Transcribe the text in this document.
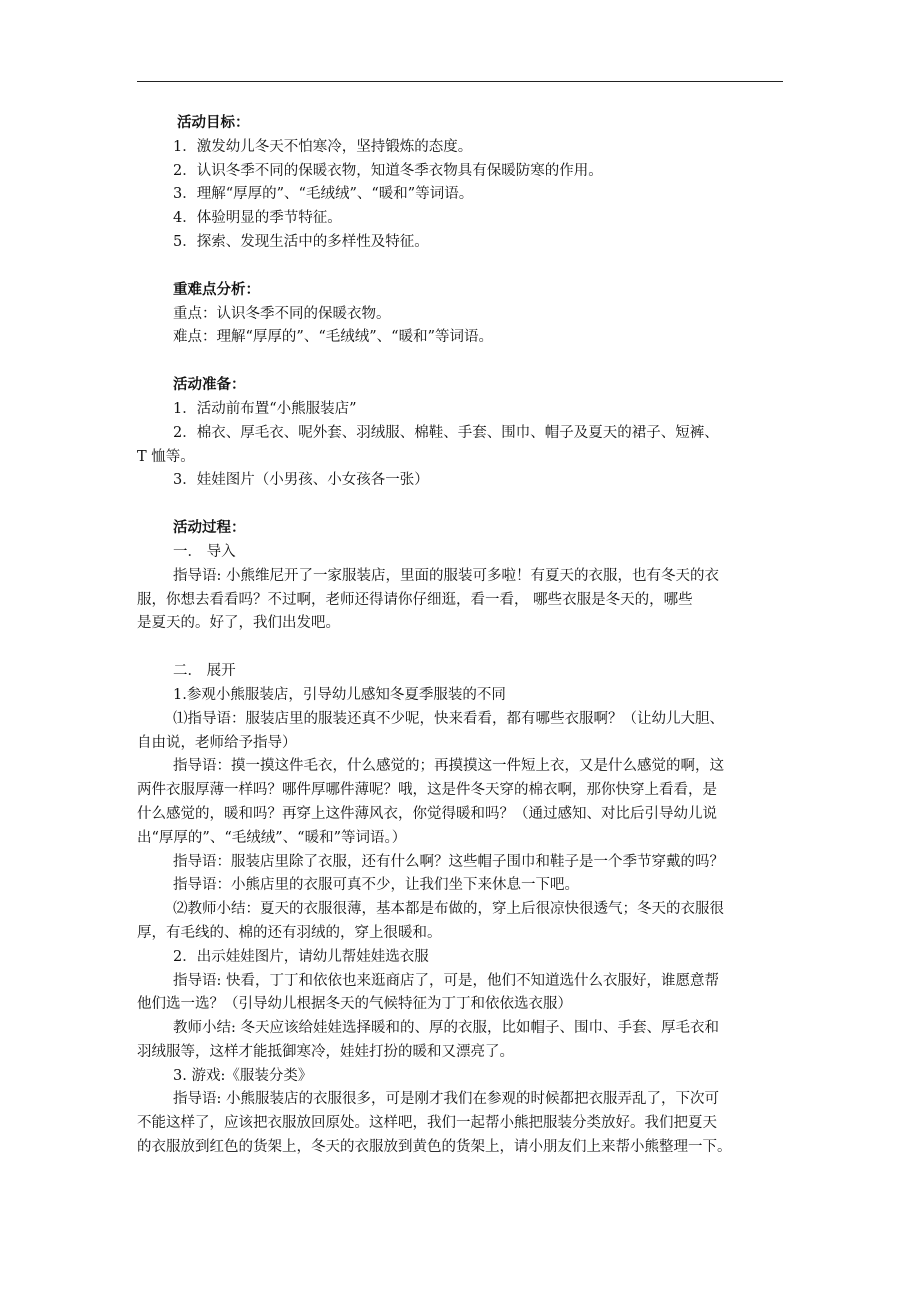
活动目标：

1．激发幼儿冬天不怕寒冷，坚持锻炼的态度。

2．认识冬季不同的保暖衣物，知道冬季衣物具有保暖防寒的作用。

3．理解“厚厚的”、“毛绒绒”、“暖和”等词语。

4．体验明显的季节特征。

5．探索、发现生活中的多样性及特征。

重难点分析：

重点：认识冬季不同的保暖衣物。

难点：理解“厚厚的”、“毛绒绒”、“暖和”等词语。

活动准备：

1．活动前布置“小熊服装店”

2．棉衣、厚毛衣、呢外套、羽绒服、棉鞋、手套、围巾、帽子及夏天的裙子、短裤、

T 恤等。

3．娃娃图片（小男孩、小女孩各一张）

活动过程：

一． 导入

指导语: 小熊维尼开了一家服装店，里面的服装可多啦！有夏天的衣服，也有冬天的衣

服，你想去看看吗？不过啊，老师还得请你仔细逛，看一看， 哪些衣服是冬天的，哪些

是夏天的。好了，我们出发吧。

二． 展开

1.参观小熊服装店，引导幼儿感知冬夏季服装的不同

⑴指导语：服装店里的服装还真不少呢，快来看看，都有哪些衣服啊？（让幼儿大胆、

自由说，老师给予指导）

指导语：摸一摸这件毛衣，什么感觉的；再摸摸这一件短上衣，又是什么感觉的啊，这

两件衣服厚薄一样吗？哪件厚哪件薄呢？哦，这是件冬天穿的棉衣啊，那你快穿上看看，是

什么感觉的，暖和吗？再穿上这件薄风衣，你觉得暖和吗？（通过感知、对比后引导幼儿说

出“厚厚的”、“毛绒绒”、“暖和”等词语。）

指导语：服装店里除了衣服，还有什么啊？这些帽子围巾和鞋子是一个季节穿戴的吗？

指导语：小熊店里的衣服可真不少，让我们坐下来休息一下吧。

⑵教师小结：夏天的衣服很薄，基本都是布做的，穿上后很凉快很透气；冬天的衣服很

厚，有毛线的、棉的还有羽绒的，穿上很暖和。

2．出示娃娃图片，请幼儿帮娃娃选衣服

指导语: 快看，丁丁和依依也来逛商店了，可是，他们不知道选什么衣服好，谁愿意帮

他们选一选？（引导幼儿根据冬天的气候特征为丁丁和依依选衣服）

教师小结: 冬天应该给娃娃选择暖和的、厚的衣服，比如帽子、围巾、手套、厚毛衣和

羽绒服等，这样才能抵御寒冷，娃娃打扮的暖和又漂亮了。

3. 游戏:《服装分类》

指导语: 小熊服装店的衣服很多，可是刚才我们在参观的时候都把衣服弄乱了，下次可

不能这样了，应该把衣服放回原处。这样吧，我们一起帮小熊把服装分类放好。我们把夏天

的衣服放到红色的货架上，冬天的衣服放到黄色的货架上，请小朋友们上来帮小熊整理一下。
